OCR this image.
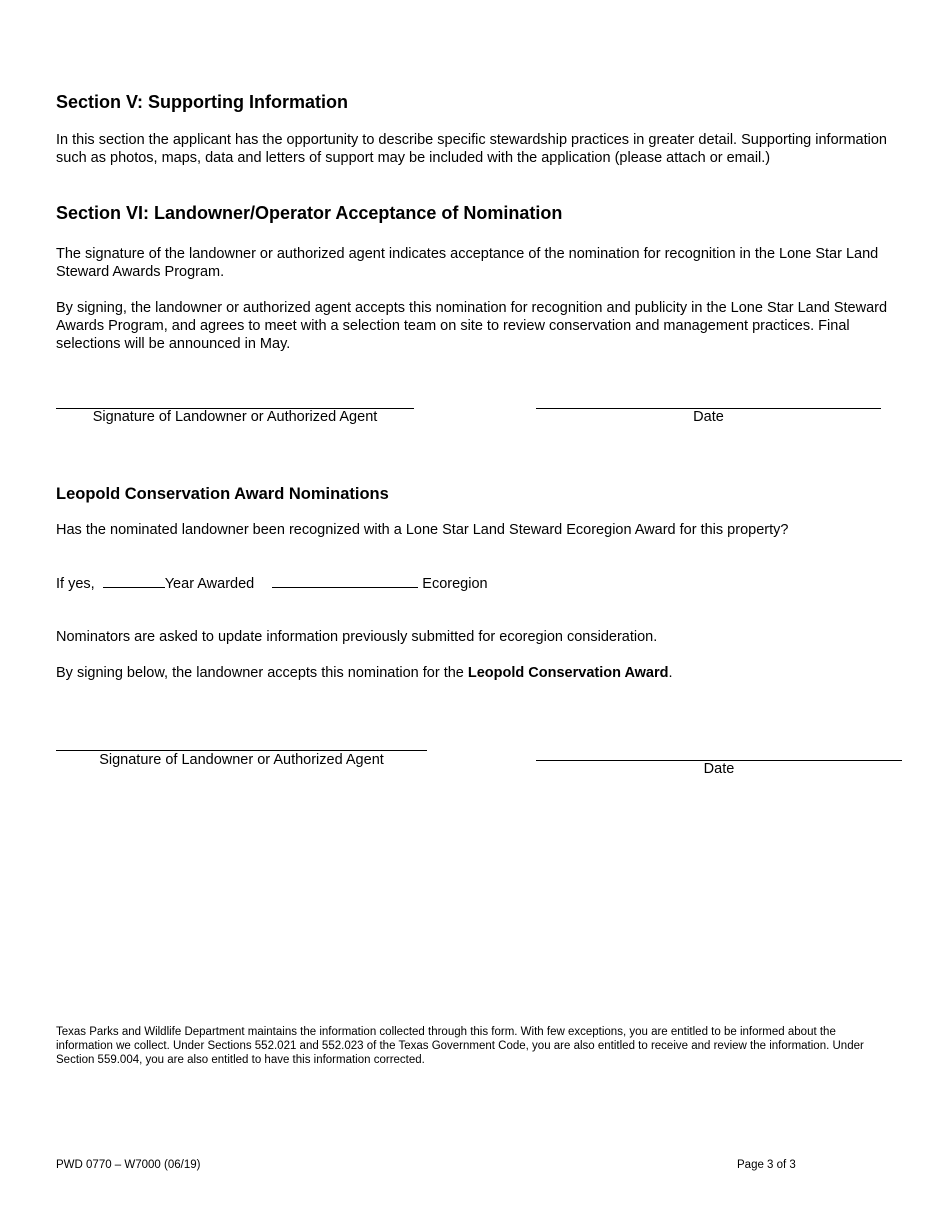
Section V: Supporting Information
In this section the applicant has the opportunity to describe specific stewardship practices in greater detail. Supporting information such as photos, maps, data and letters of support may be included with the application (please attach or email.)
Section VI: Landowner/Operator Acceptance of Nomination
The signature of the landowner or authorized agent indicates acceptance of the nomination for recognition in the Lone Star Land Steward Awards Program.
By signing, the landowner or authorized agent accepts this nomination for recognition and publicity in the Lone Star Land Steward Awards Program, and agrees to meet with a selection team on site to review conservation and management practices. Final selections will be announced in May.
Signature of Landowner or Authorized Agent	Date
Leopold Conservation Award Nominations
Has the nominated landowner been recognized with a Lone Star Land Steward Ecoregion Award for this property?
If yes,	Year Awarded	Ecoregion
Nominators are asked to update information previously submitted for ecoregion consideration.
By signing below, the landowner accepts this nomination for the Leopold Conservation Award.
Signature of Landowner or Authorized Agent
Date
Texas Parks and Wildlife Department maintains the information collected through this form. With few exceptions, you are entitled to be informed about the information we collect. Under Sections 552.021 and 552.023 of the Texas Government Code, you are also entitled to receive and review the information. Under Section 559.004, you are also entitled to have this information corrected.
PWD 0770 – W7000 (06/19)	Page 3 of 3
